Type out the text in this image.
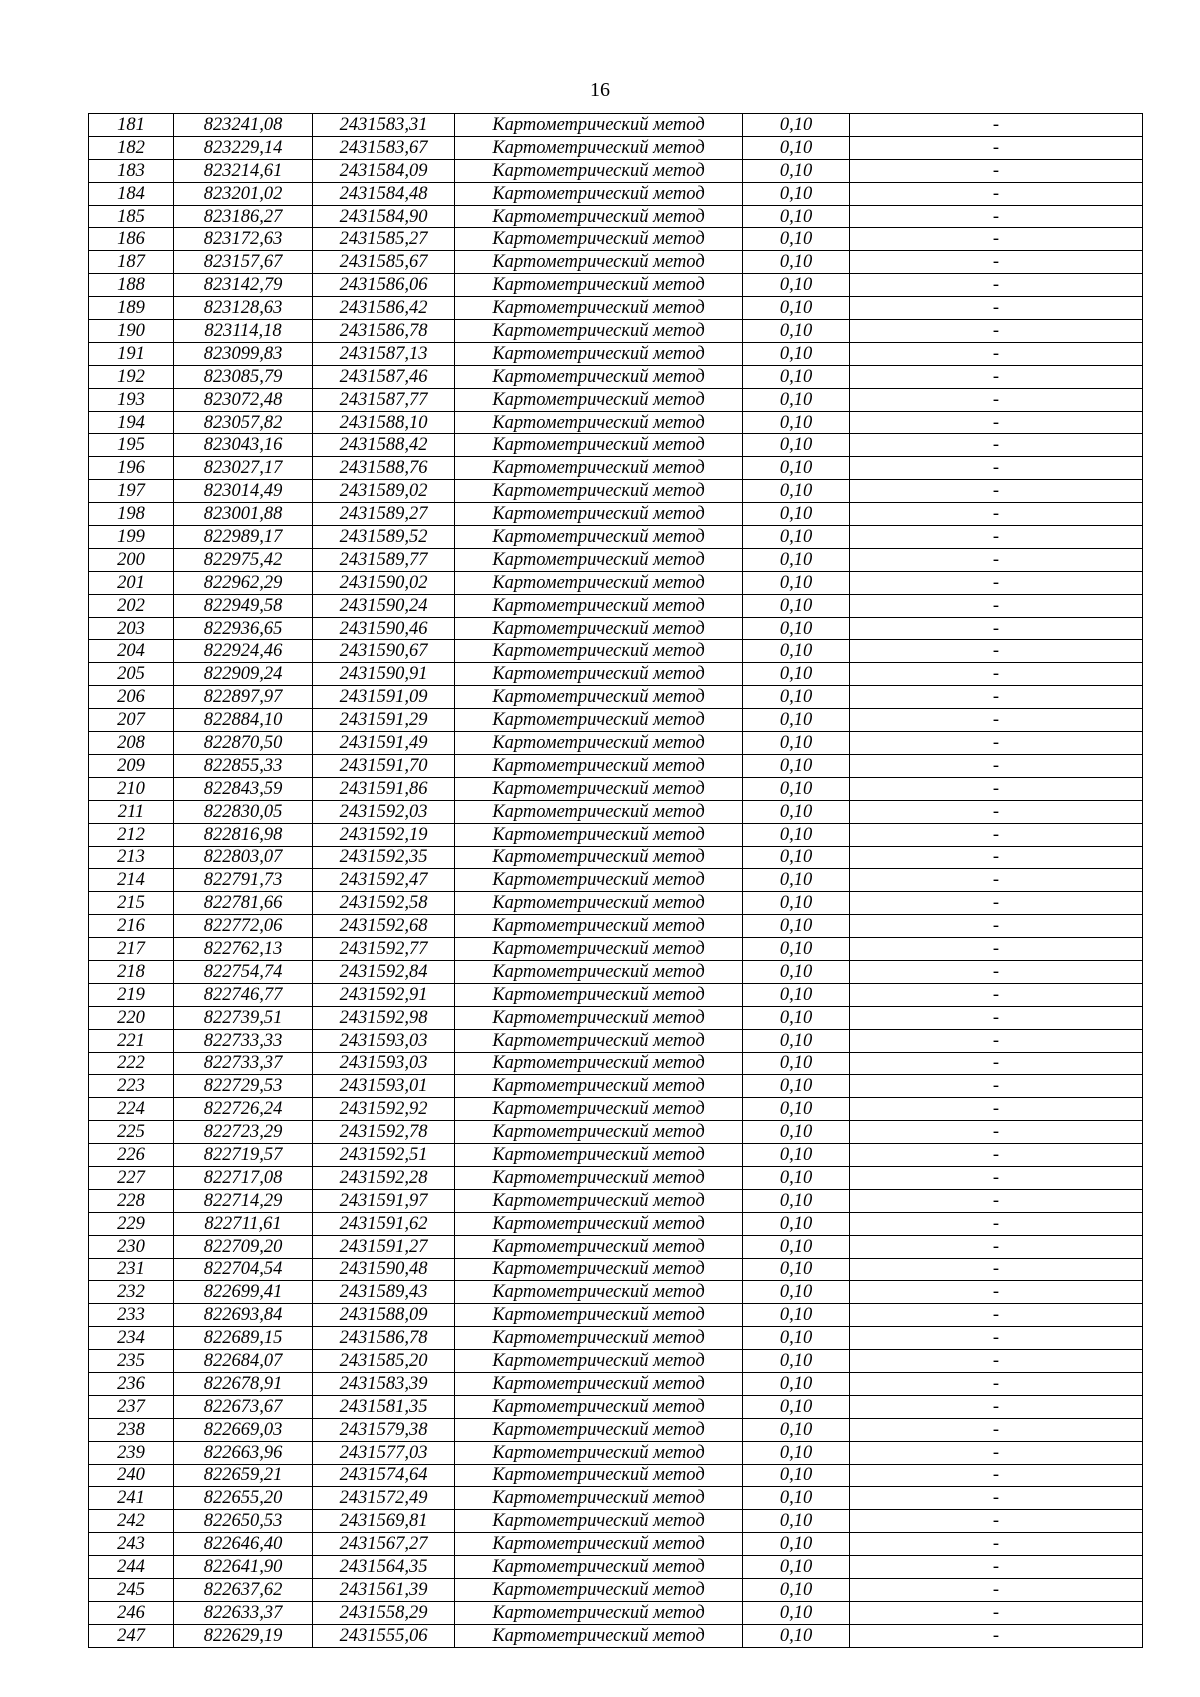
16
181	823241,08	2431583,31	Картометрический метод	0,10	-
182	823229,14	2431583,67	Картометрический метод	0,10	-
183	823214,61	2431584,09	Картометрический метод	0,10	-
184	823201,02	2431584,48	Картометрический метод	0,10	-
185	823186,27	2431584,90	Картометрический метод	0,10	-
186	823172,63	2431585,27	Картометрический метод	0,10	-
187	823157,67	2431585,67	Картометрический метод	0,10	-
188	823142,79	2431586,06	Картометрический метод	0,10	-
189	823128,63	2431586,42	Картометрический метод	0,10	-
190	823114,18	2431586,78	Картометрический метод	0,10	-
191	823099,83	2431587,13	Картометрический метод	0,10	-
192	823085,79	2431587,46	Картометрический метод	0,10	-
193	823072,48	2431587,77	Картометрический метод	0,10	-
194	823057,82	2431588,10	Картометрический метод	0,10	-
195	823043,16	2431588,42	Картометрический метод	0,10	-
196	823027,17	2431588,76	Картометрический метод	0,10	-
197	823014,49	2431589,02	Картометрический метод	0,10	-
198	823001,88	2431589,27	Картометрический метод	0,10	-
199	822989,17	2431589,52	Картометрический метод	0,10	-
200	822975,42	2431589,77	Картометрический метод	0,10	-
201	822962,29	2431590,02	Картометрический метод	0,10	-
202	822949,58	2431590,24	Картометрический метод	0,10	-
203	822936,65	2431590,46	Картометрический метод	0,10	-
204	822924,46	2431590,67	Картометрический метод	0,10	-
205	822909,24	2431590,91	Картометрический метод	0,10	-
206	822897,97	2431591,09	Картометрический метод	0,10	-
207	822884,10	2431591,29	Картометрический метод	0,10	-
208	822870,50	2431591,49	Картометрический метод	0,10	-
209	822855,33	2431591,70	Картометрический метод	0,10	-
210	822843,59	2431591,86	Картометрический метод	0,10	-
211	822830,05	2431592,03	Картометрический метод	0,10	-
212	822816,98	2431592,19	Картометрический метод	0,10	-
213	822803,07	2431592,35	Картометрический метод	0,10	-
214	822791,73	2431592,47	Картометрический метод	0,10	-
215	822781,66	2431592,58	Картометрический метод	0,10	-
216	822772,06	2431592,68	Картометрический метод	0,10	-
217	822762,13	2431592,77	Картометрический метод	0,10	-
218	822754,74	2431592,84	Картометрический метод	0,10	-
219	822746,77	2431592,91	Картометрический метод	0,10	-
220	822739,51	2431592,98	Картометрический метод	0,10	-
221	822733,33	2431593,03	Картометрический метод	0,10	-
222	822733,37	2431593,03	Картометрический метод	0,10	-
223	822729,53	2431593,01	Картометрический метод	0,10	-
224	822726,24	2431592,92	Картометрический метод	0,10	-
225	822723,29	2431592,78	Картометрический метод	0,10	-
226	822719,57	2431592,51	Картометрический метод	0,10	-
227	822717,08	2431592,28	Картометрический метод	0,10	-
228	822714,29	2431591,97	Картометрический метод	0,10	-
229	822711,61	2431591,62	Картометрический метод	0,10	-
230	822709,20	2431591,27	Картометрический метод	0,10	-
231	822704,54	2431590,48	Картометрический метод	0,10	-
232	822699,41	2431589,43	Картометрический метод	0,10	-
233	822693,84	2431588,09	Картометрический метод	0,10	-
234	822689,15	2431586,78	Картометрический метод	0,10	-
235	822684,07	2431585,20	Картометрический метод	0,10	-
236	822678,91	2431583,39	Картометрический метод	0,10	-
237	822673,67	2431581,35	Картометрический метод	0,10	-
238	822669,03	2431579,38	Картометрический метод	0,10	-
239	822663,96	2431577,03	Картометрический метод	0,10	-
240	822659,21	2431574,64	Картометрический метод	0,10	-
241	822655,20	2431572,49	Картометрический метод	0,10	-
242	822650,53	2431569,81	Картометрический метод	0,10	-
243	822646,40	2431567,27	Картометрический метод	0,10	-
244	822641,90	2431564,35	Картометрический метод	0,10	-
245	822637,62	2431561,39	Картометрический метод	0,10	-
246	822633,37	2431558,29	Картометрический метод	0,10	-
247	822629,19	2431555,06	Картометрический метод	0,10	-
